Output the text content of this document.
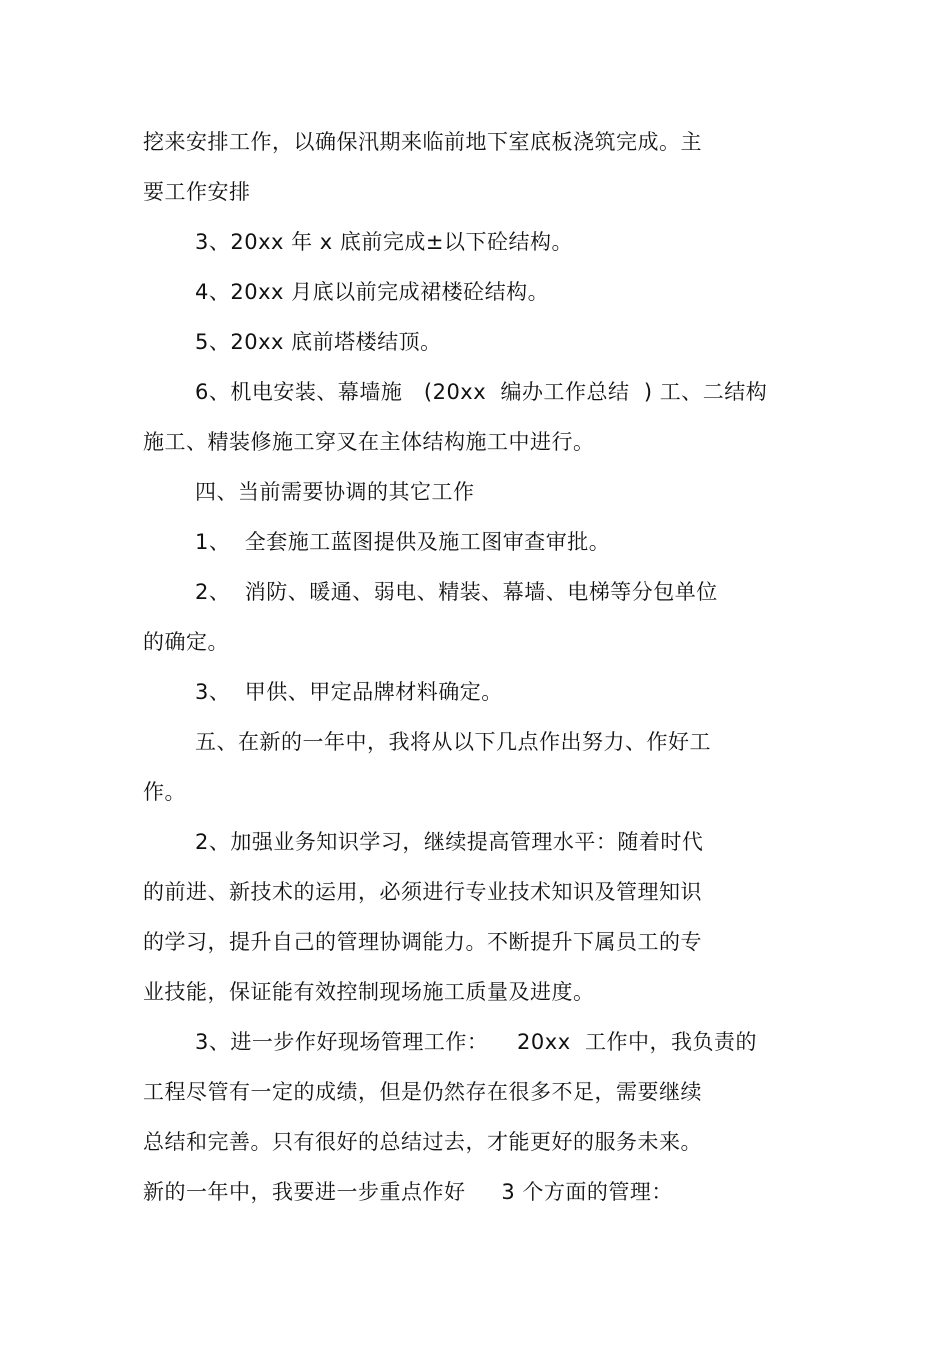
挖来安排工作，以确保汛期来临前地下室底板浇筑完成。主
要工作安排
3、20xx 年 x 底前完成±以下砼结构。
4、20xx 月底以前完成裙楼砼结构。
5、20xx 底前塔楼结顶。
6、机电安装、幕墙施   (20xx  编办工作总结  ) 工、二结构
施工、精装修施工穿叉在主体结构施工中进行。
四、当前需要协调的其它工作
1、  全套施工蓝图提供及施工图审查审批。
2、  消防、暖通、弱电、精装、幕墙、电梯等分包单位
的确定。
3、  甲供、甲定品牌材料确定。
五、在新的一年中，我将从以下几点作出努力、作好工
作。
2、加强业务知识学习，继续提高管理水平：随着时代
的前进、新技术的运用，必须进行专业技术知识及管理知识
的学习，提升自己的管理协调能力。不断提升下属员工的专
业技能，保证能有效控制现场施工质量及进度。
3、进一步作好现场管理工作：    20xx  工作中，我负责的
工程尽管有一定的成绩，但是仍然存在很多不足，需要继续
总结和完善。只有很好的总结过去，才能更好的服务未来。
新的一年中，我要进一步重点作好     3 个方面的管理：
